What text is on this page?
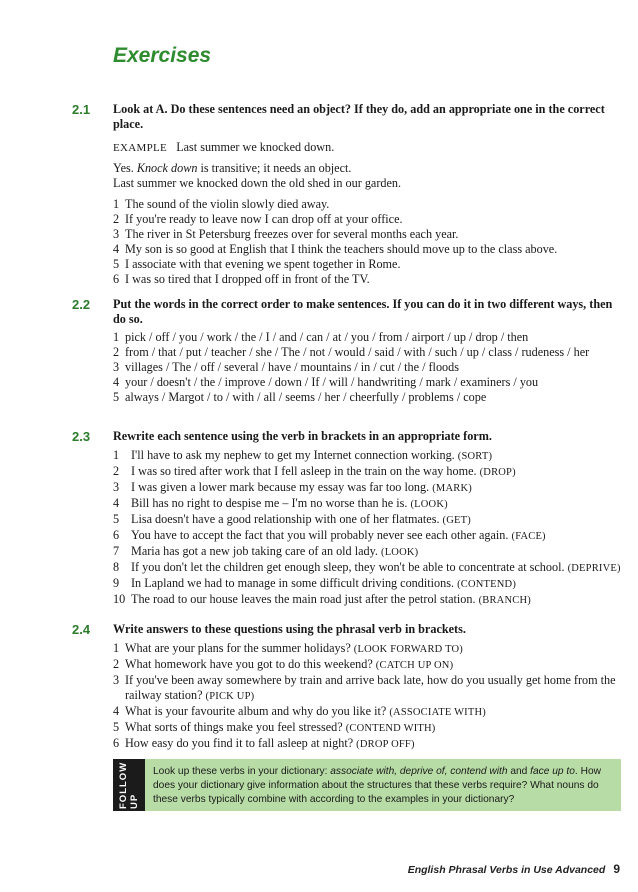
Exercises
2.1 Look at A. Do these sentences need an object? If they do, add an appropriate one in the correct place.
EXAMPLE Last summer we knocked down.
Yes. Knock down is transitive; it needs an object.
Last summer we knocked down the old shed in our garden.
1 The sound of the violin slowly died away.
2 If you're ready to leave now I can drop off at your office.
3 The river in St Petersburg freezes over for several months each year.
4 My son is so good at English that I think the teachers should move up to the class above.
5 I associate with that evening we spent together in Rome.
6 I was so tired that I dropped off in front of the TV.
2.2 Put the words in the correct order to make sentences. If you can do it in two different ways, then do so.
1 pick / off / you / work / the / I / and / can / at / you / from / airport / up / drop / then
2 from / that / put / teacher / she / The / not / would / said / with / such / up / class / rudeness / her
3 villages / The / off / several / have / mountains / in / cut / the / floods
4 your / doesn't / the / improve / down / If / will / handwriting / mark / examiners / you
5 always / Margot / to / with / all / seems / her / cheerfully / problems / cope
2.3 Rewrite each sentence using the verb in brackets in an appropriate form.
1 I'll have to ask my nephew to get my Internet connection working. (SORT)
2 I was so tired after work that I fell asleep in the train on the way home. (DROP)
3 I was given a lower mark because my essay was far too long. (MARK)
4 Bill has no right to despise me – I'm no worse than he is. (LOOK)
5 Lisa doesn't have a good relationship with one of her flatmates. (GET)
6 You have to accept the fact that you will probably never see each other again. (FACE)
7 Maria has got a new job taking care of an old lady. (LOOK)
8 If you don't let the children get enough sleep, they won't be able to concentrate at school. (DEPRIVE)
9 In Lapland we had to manage in some difficult driving conditions. (CONTEND)
10 The road to our house leaves the main road just after the petrol station. (BRANCH)
2.4 Write answers to these questions using the phrasal verb in brackets.
1 What are your plans for the summer holidays? (LOOK FORWARD TO)
2 What homework have you got to do this weekend? (CATCH UP ON)
3 If you've been away somewhere by train and arrive back late, how do you usually get home from the railway station? (PICK UP)
4 What is your favourite album and why do you like it? (ASSOCIATE WITH)
5 What sorts of things make you feel stressed? (CONTEND WITH)
6 How easy do you find it to fall asleep at night? (DROP OFF)
FOLLOW UP
Look up these verbs in your dictionary: associate with, deprive of, contend with and face up to. How does your dictionary give information about the structures that these verbs require? What nouns do these verbs typically combine with according to the examples in your dictionary?
English Phrasal Verbs in Use Advanced 9
